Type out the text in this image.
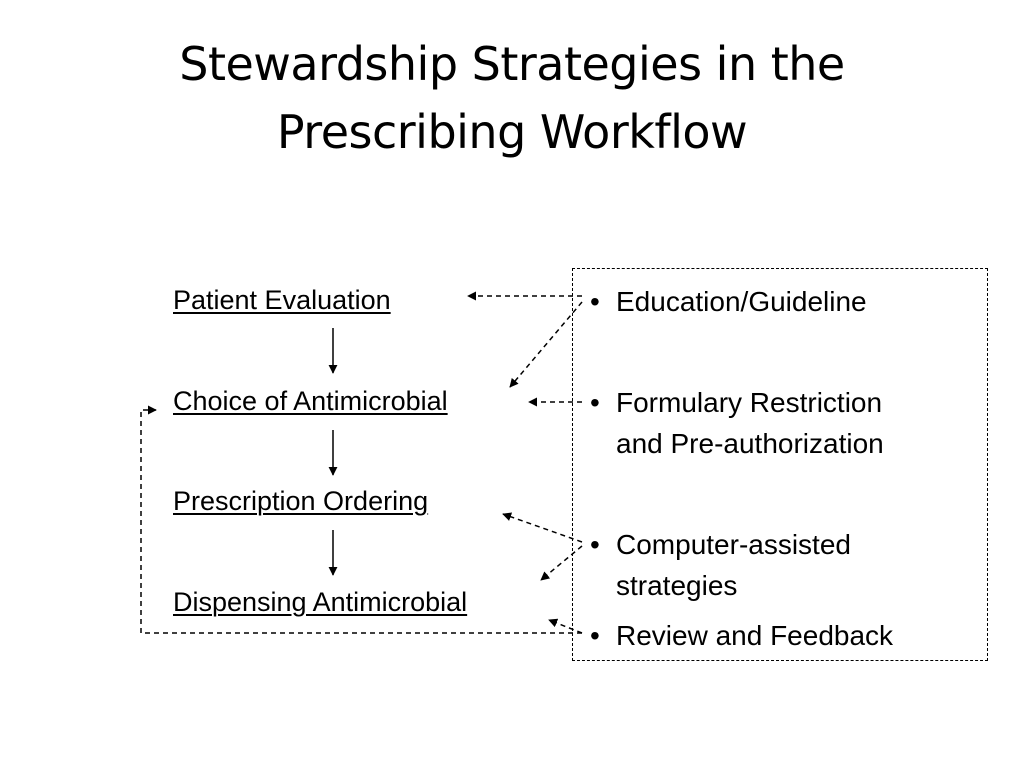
Stewardship Strategies in the
Prescribing Workflow
Patient Evaluation
Choice of Antimicrobial
Prescription Ordering
Dispensing Antimicrobial
• Education/Guideline
• Formulary Restriction
and Pre-authorization
• Computer-assisted
strategies
• Review and Feedback
